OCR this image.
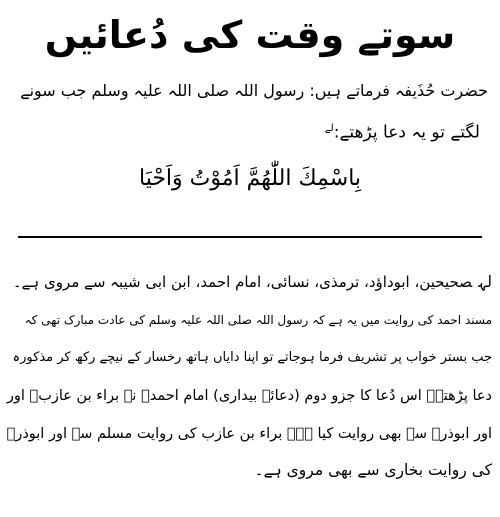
سوتے وقت کی دُعائیں
حضرت حُذَیفہ فرماتے ہیں: رسول اللہ صلی اللہ علیہ وسلم جب سونے
لگتے تو یہ دعا پڑھتے:$^{لے}$
بِاسْمِكَ اللّٰهُمَّ اَمُوْتُ وَاَحْيَا
لہصحیحین، ابوداؤد، ترمذی، نسائی، امام احمد، ابن ابی شیبہ سے مروی ہے۔
مسند احمد کی روایت میں یہ ہے کہ رسول اللہ صلی اللہ علیہ وسلم کی عادت مبارک تھی کہ
جب بستر خواب پر تشریف فرما ہوجاتے تو اپنا دایاں ہاتھ رخسار کے نیچے رکھ کر مذکورہ
دعا پڑھتے۔ اس دُعا کا جزو دوم (دعائے بیداری) امام احمدؒ نے براء بن عازبؓ اور
اور ابوذرؓ سے بھی روایت کیا ہے۔ براء بن عازب کی روایت مسلم سے اور ابوذرؓ
کی روایت بخاری سے بھی مروی ہے۔
